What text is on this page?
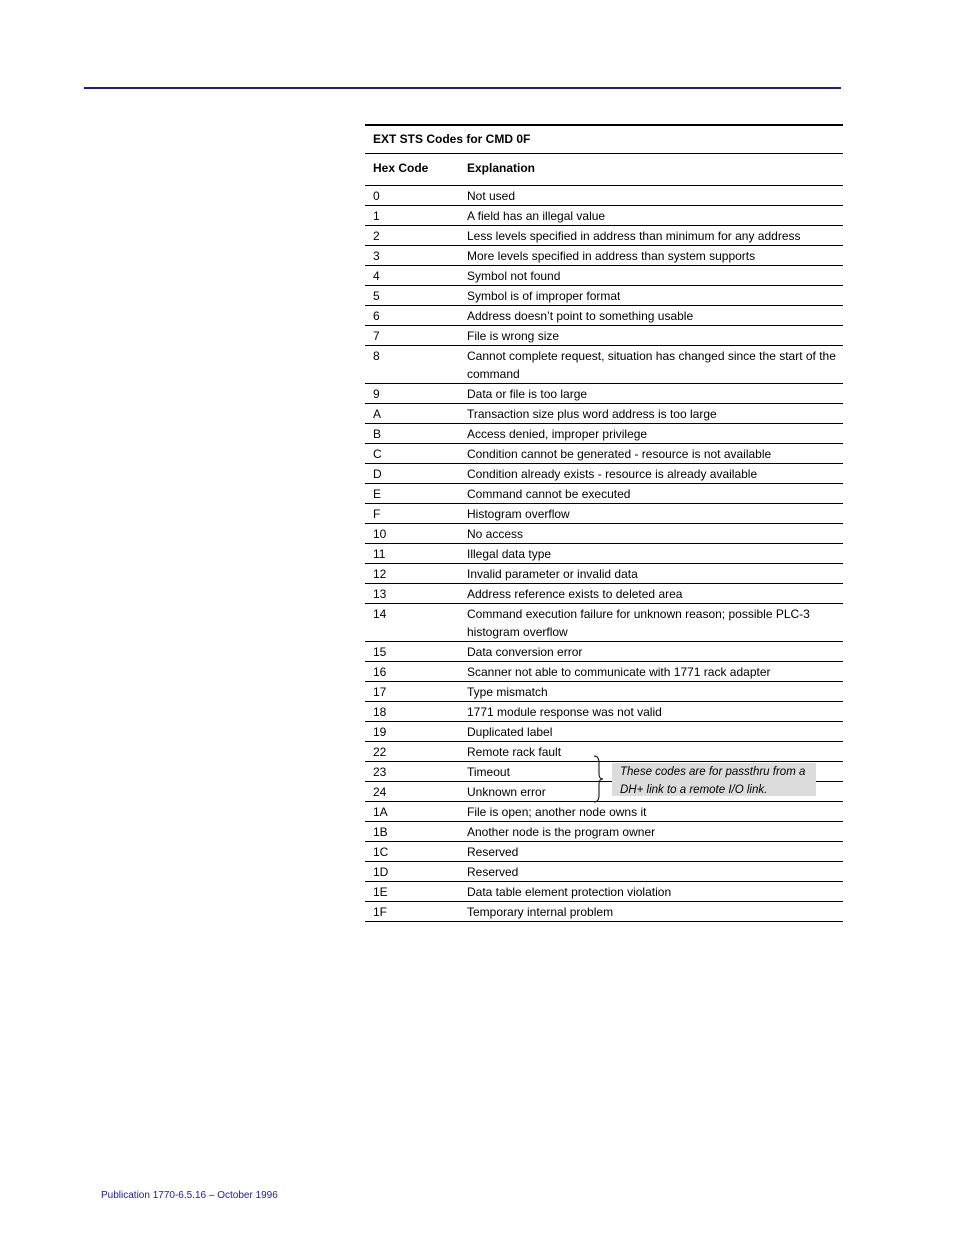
EXT STS Codes for CMD 0F
Hex Code	Explanation
0	Not used
1	A field has an illegal value
2	Less levels specified in address than minimum for any address
3	More levels specified in address than system supports
4	Symbol not found
5	Symbol is of improper format
6	Address doesn’t point to something usable
7	File is wrong size
8	Cannot complete request, situation has changed since the start of the command
9	Data or file is too large
A	Transaction size plus word address is too large
B	Access denied, improper privilege
C	Condition cannot be generated - resource is not available
D	Condition already exists - resource is already available
E	Command cannot be executed
F	Histogram overflow
10	No access
11	Illegal data type
12	Invalid parameter or invalid data
13	Address reference exists to deleted area
14	Command execution failure for unknown reason; possible PLC-3 histogram overflow
15	Data conversion error
16	Scanner not able to communicate with 1771 rack adapter
17	Type mismatch
18	1771 module response was not valid
19	Duplicated label
22	Remote rack fault
23	Timeout
24	Unknown error
1A	File is open; another node owns it
1B	Another node is the program owner
1C	Reserved
1D	Reserved
1E	Data table element protection violation
1F	Temporary internal problem
These codes are for passthru from a DH+ link to a remote I/O link.
Publication 1770-6.5.16 – October 1996
